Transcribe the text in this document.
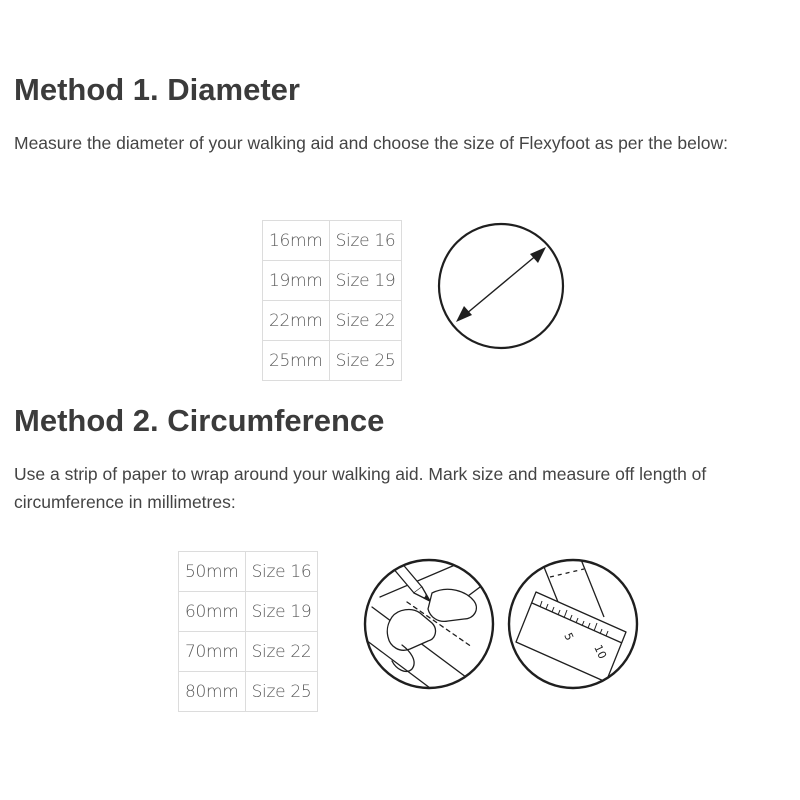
Method 1. Diameter

Measure the diameter of your walking aid and choose the size of Flexyfoot as per the below:

16mm	Size 16
19mm	Size 19
22mm	Size 22
25mm	Size 25
Method 2. Circumference

Use a strip of paper to wrap around your walking aid. Mark size and measure off length of circumference in millimetres:

50mm	Size 16
60mm	Size 19
70mm	Size 22
80mm	Size 25
5
10
